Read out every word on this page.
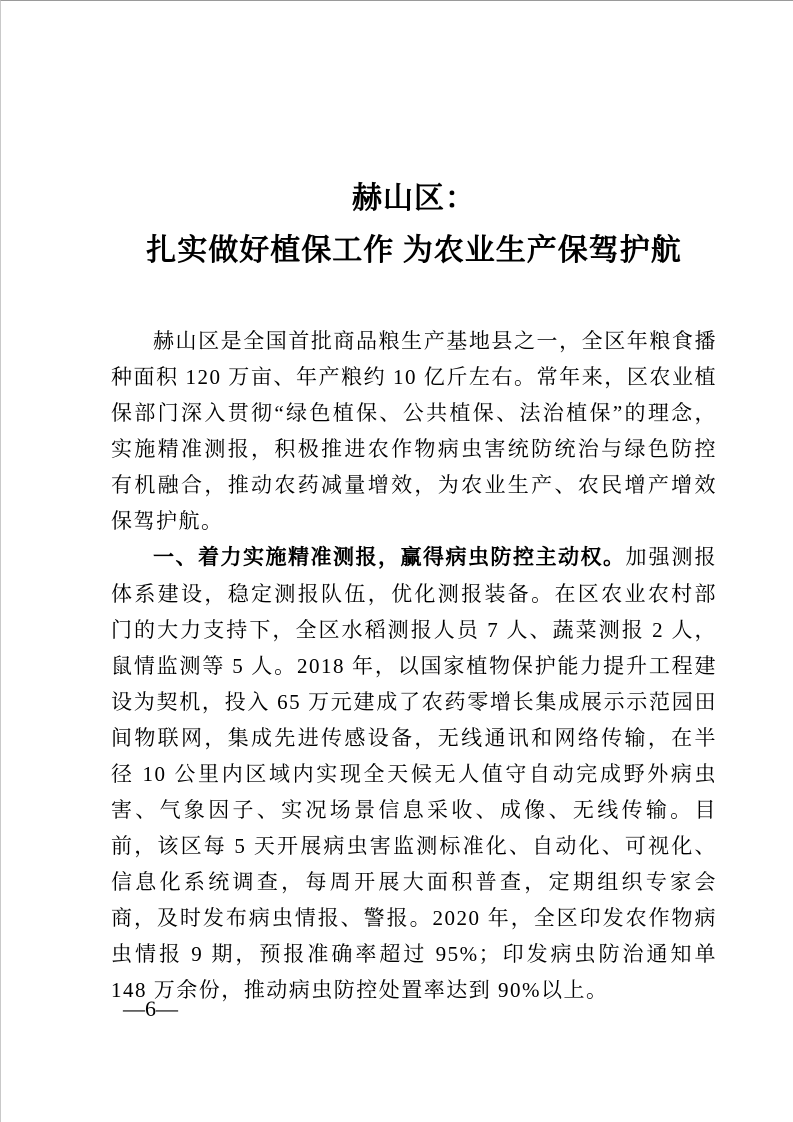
赫山区：
扎实做好植保工作 为农业生产保驾护航

赫山区是全国首批商品粮生产基地县之一，全区年粮食播种面积 120 万亩、年产粮约 10 亿斤左右。常年来，区农业植保部门深入贯彻“绿色植保、公共植保、法治植保”的理念，实施精准测报，积极推进农作物病虫害统防统治与绿色防控有机融合，推动农药减量增效，为农业生产、农民增产增效保驾护航。

一、着力实施精准测报，赢得病虫防控主动权。加强测报体系建设，稳定测报队伍，优化测报装备。在区农业农村部门的大力支持下，全区水稻测报人员 7 人、蔬菜测报 2 人，鼠情监测等 5 人。2018 年，以国家植物保护能力提升工程建设为契机，投入 65 万元建成了农药零增长集成展示示范园田间物联网，集成先进传感设备，无线通讯和网络传输，在半径 10 公里内区域内实现全天候无人值守自动完成野外病虫害、气象因子、实况场景信息采收、成像、无线传输。目前，该区每 5 天开展病虫害监测标准化、自动化、可视化、信息化系统调查，每周开展大面积普查，定期组织专家会商，及时发布病虫情报、警报。2020 年，全区印发农作物病虫情报 9 期，预报准确率超过 95%；印发病虫防治通知单 148 万余份，推动病虫防控处置率达到 90%以上。

—6—
